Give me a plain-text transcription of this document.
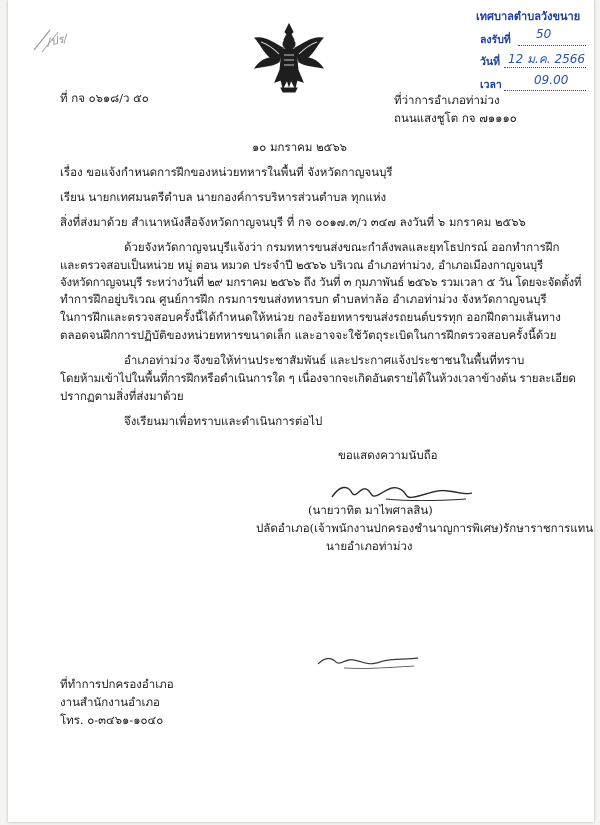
/ปร/
เทศบาลตำบลวังขนาย
ลงรับที่ 50
วันที่ 12 ม.ค. 2566
เวลา	09.00
ที่ กจ ๐๖๑๘/ว ๕๐	ที่ว่าการอำเภอท่าม่วง
ถนนแสงชูโต กจ ๗๑๑๑๐
๑๐ มกราคม ๒๕๖๖
เรื่อง ขอแจ้งกำหนดการฝึกของหน่วยทหารในพื้นที่ จังหวัดกาญจนบุรี
เรียน นายกเทศมนตรีตำบล นายกองค์การบริหารส่วนตำบล ทุกแห่ง
สิ่งที่ส่งมาด้วย สำเนาหนังสือจังหวัดกาญจนบุรี ที่ กจ ๐๐๑๗.๓/ว ๓๔๗ ลงวันที่ ๖ มกราคม ๒๕๖๖
ด้วยจังหวัดกาญจนบุรีแจ้งว่า กรมทหารขนส่งขณะกำลังพลและยุทโธปกรณ์ ออกทำการฝึก
และตรวจสอบเป็นหน่วย หมู่ ตอน หมวด ประจำปี ๒๕๖๖ บริเวณ อำเภอท่าม่วง, อำเภอเมืองกาญจนบุรี
จังหวัดกาญจนบุรี ระหว่างวันที่ ๒๙ มกราคม ๒๕๖๖ ถึง วันที่ ๓ กุมภาพันธ์ ๒๕๖๖ รวมเวลา ๕ วัน โดยจะจัดตั้งที่
ทำการฝึกอยู่บริเวณ ศูนย์การฝึก กรมการขนส่งทหารบก ตำบลท่าล้อ อำเภอท่าม่วง จังหวัดกาญจนบุรี
ในการฝึกและตรวจสอบครั้งนี้ได้กำหนดให้หน่วย กองร้อยทหารขนส่งรถยนต์บรรทุก ออกฝึกตามเส้นทาง
ตลอดจนฝึกการปฏิบัติของหน่วยทหารขนาดเล็ก และอาจจะใช้วัตถุระเบิดในการฝึกตรวจสอบครั้งนี้ด้วย
อำเภอท่าม่วง จึงขอให้ท่านประชาสัมพันธ์ และประกาศแจ้งประชาชนในพื้นที่ทราบ
โดยห้ามเข้าไปในพื้นที่การฝึกหรือดำเนินการใด ๆ เนื่องจากจะเกิดอันตรายได้ในห้วงเวลาข้างต้น รายละเอียด
ปรากฏตามสิ่งที่ส่งมาด้วย
จึงเรียนมาเพื่อทราบและดำเนินการต่อไป
ขอแสดงความนับถือ
(นายวาทิต มาไพศาลสิน)
ปลัดอำเภอ(เจ้าพนักงานปกครองชำนาญการพิเศษ)รักษาราชการแทน
นายอำเภอท่าม่วง
ที่ทำการปกครองอำเภอ
งานสำนักงานอำเภอ
โทร. ๐-๓๔๖๑-๑๐๔๐
